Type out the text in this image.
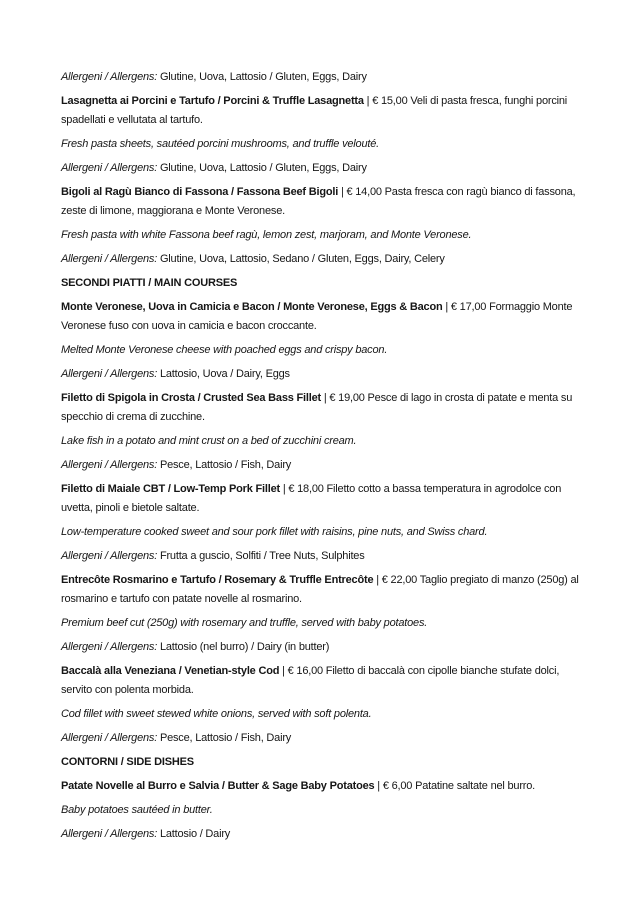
Allergeni / Allergens: Glutine, Uova, Lattosio / Gluten, Eggs, Dairy

Lasagnetta ai Porcini e Tartufo / Porcini & Truffle Lasagnetta | € 15,00 Veli di pasta fresca, funghi porcini spadellati e vellutata al tartufo.

Fresh pasta sheets, sautéed porcini mushrooms, and truffle velouté.

Allergeni / Allergens: Glutine, Uova, Lattosio / Gluten, Eggs, Dairy

Bigoli al Ragù Bianco di Fassona / Fassona Beef Bigoli | € 14,00 Pasta fresca con ragù bianco di fassona, zeste di limone, maggiorana e Monte Veronese.

Fresh pasta with white Fassona beef ragù, lemon zest, marjoram, and Monte Veronese.

Allergeni / Allergens: Glutine, Uova, Lattosio, Sedano / Gluten, Eggs, Dairy, Celery

SECONDI PIATTI / MAIN COURSES

Monte Veronese, Uova in Camicia e Bacon / Monte Veronese, Eggs & Bacon | € 17,00 Formaggio Monte Veronese fuso con uova in camicia e bacon croccante.

Melted Monte Veronese cheese with poached eggs and crispy bacon.

Allergeni / Allergens: Lattosio, Uova / Dairy, Eggs

Filetto di Spigola in Crosta / Crusted Sea Bass Fillet | € 19,00 Pesce di lago in crosta di patate e menta su specchio di crema di zucchine.

Lake fish in a potato and mint crust on a bed of zucchini cream.

Allergeni / Allergens: Pesce, Lattosio / Fish, Dairy

Filetto di Maiale CBT / Low-Temp Pork Fillet | € 18,00 Filetto cotto a bassa temperatura in agrodolce con uvetta, pinoli e bietole saltate.

Low-temperature cooked sweet and sour pork fillet with raisins, pine nuts, and Swiss chard.

Allergeni / Allergens: Frutta a guscio, Solfiti / Tree Nuts, Sulphites

Entrecôte Rosmarino e Tartufo / Rosemary & Truffle Entrecôte | € 22,00 Taglio pregiato di manzo (250g) al rosmarino e tartufo con patate novelle al rosmarino.

Premium beef cut (250g) with rosemary and truffle, served with baby potatoes.

Allergeni / Allergens: Lattosio (nel burro) / Dairy (in butter)

Baccalà alla Veneziana / Venetian-style Cod | € 16,00 Filetto di baccalà con cipolle bianche stufate dolci, servito con polenta morbida.

Cod fillet with sweet stewed white onions, served with soft polenta.

Allergeni / Allergens: Pesce, Lattosio / Fish, Dairy

CONTORNI / SIDE DISHES

Patate Novelle al Burro e Salvia / Butter & Sage Baby Potatoes | € 6,00 Patatine saltate nel burro.

Baby potatoes sautéed in butter.

Allergeni / Allergens: Lattosio / Dairy
